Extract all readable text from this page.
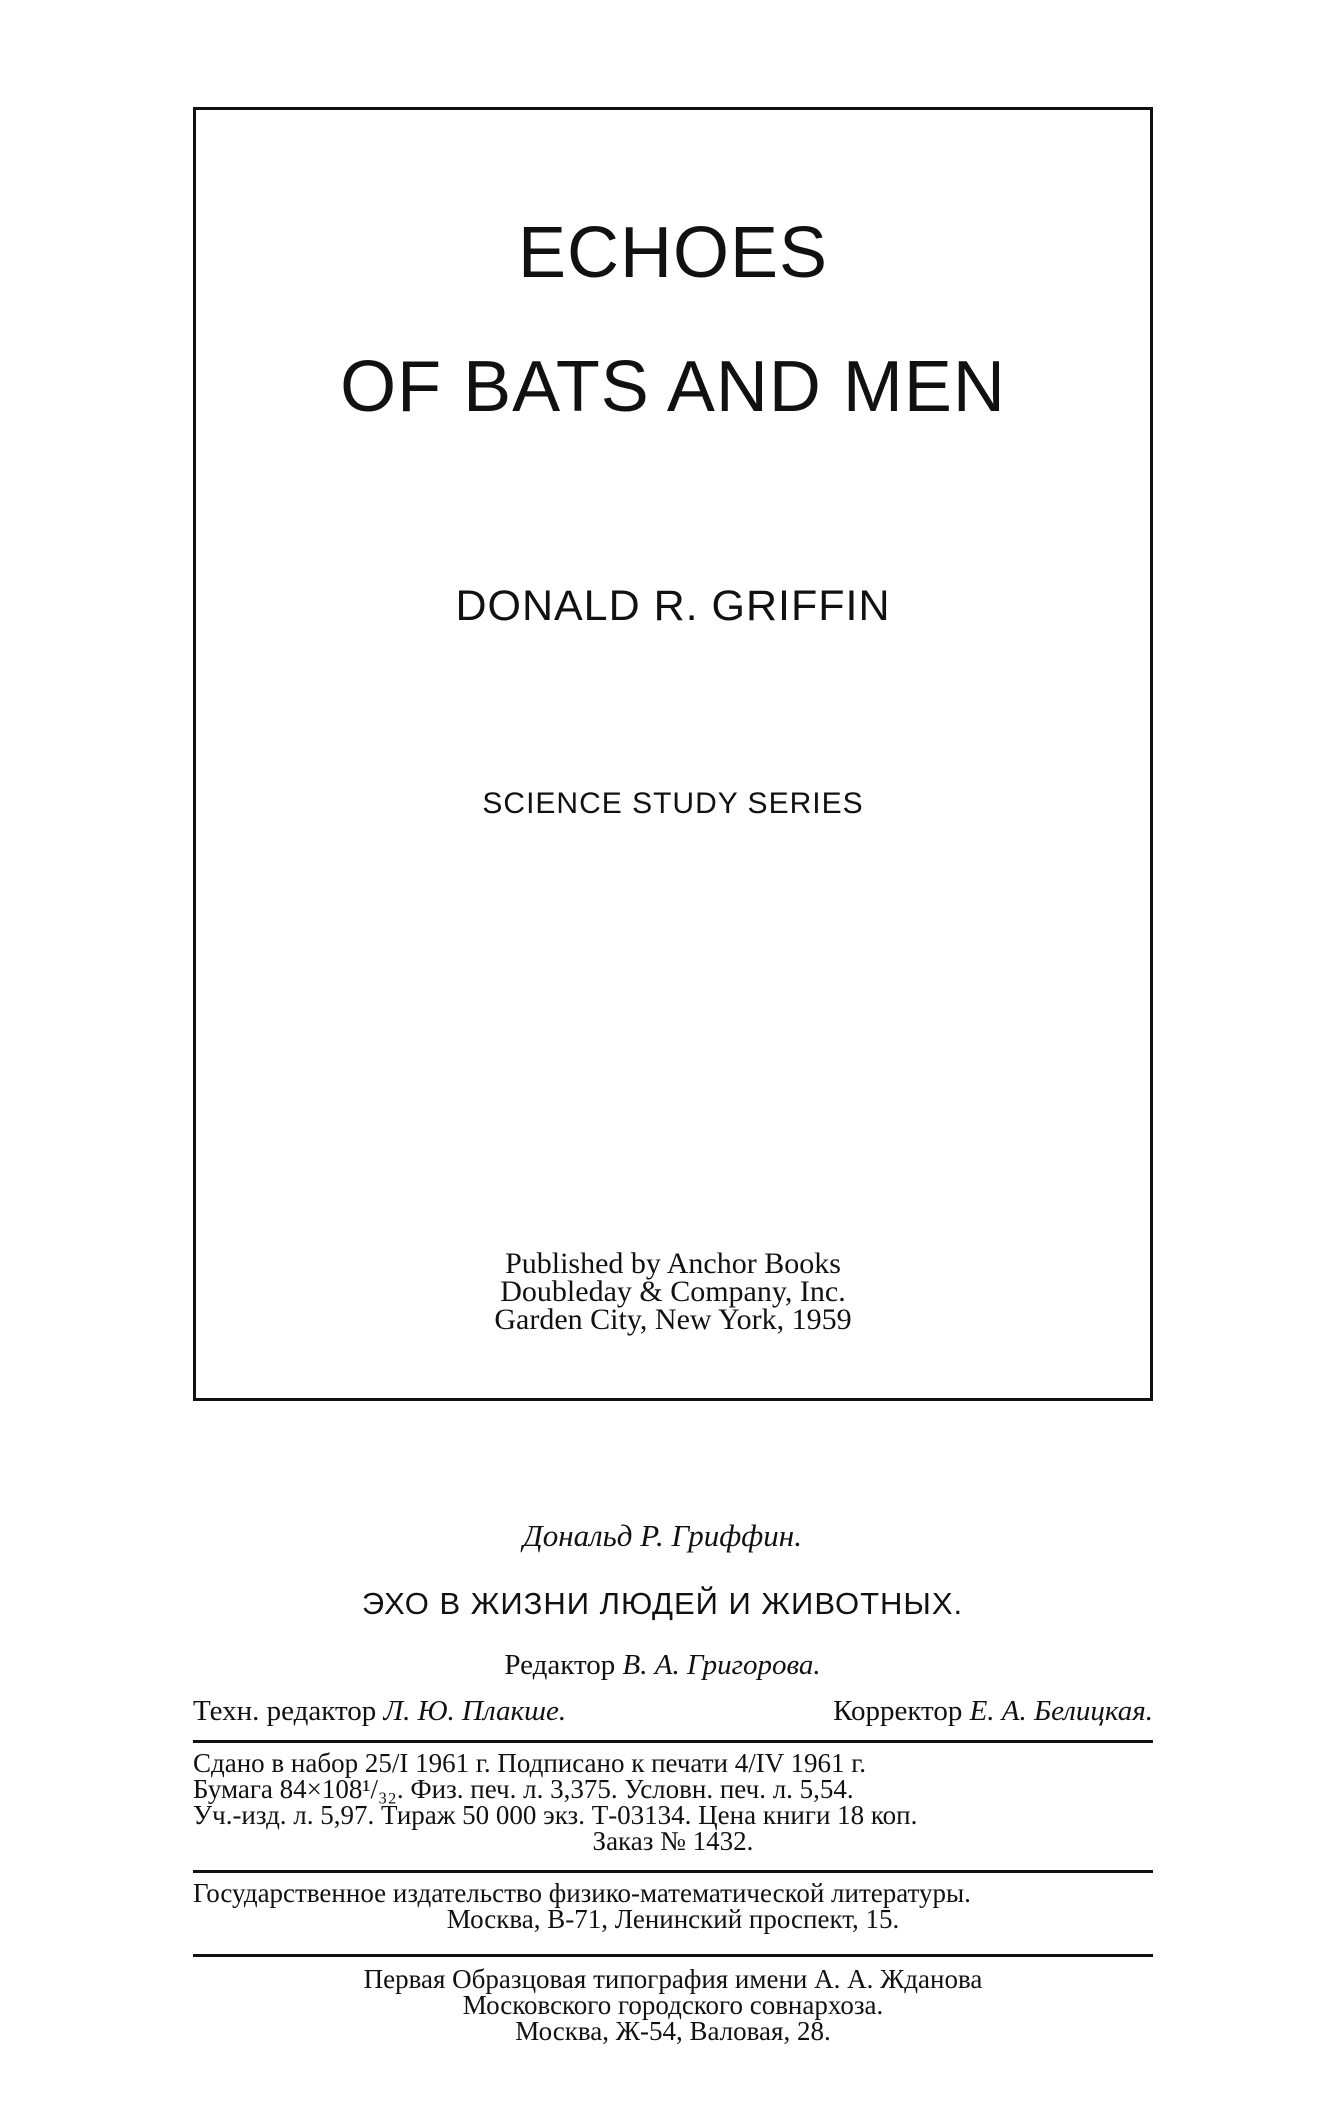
ECHOES
OF BATS AND MEN
DONALD R. GRIFFIN
SCIENCE STUDY SERIES
Published by Anchor Books
Doubleday & Company, Inc.
Garden City, New York, 1959
Дональд Р. Гриффин.
ЭХО В ЖИЗНИ ЛЮДЕЙ И ЖИВОТНЫХ.
Редактор В. А. Григорова.
Техн. редактор Л. Ю. Плакше.	Корректор Е. А. Белицкая.
Сдано в набор 25/I 1961 г. Подписано к печати 4/IV 1961 г.
Бумага 84×108¹/₃₂. Физ. печ. л. 3,375. Условн. печ. л. 5,54.
Уч.-изд. л. 5,97. Тираж 50 000 экз. Т-03134. Цена книги 18 коп.
Заказ № 1432.
Государственное издательство физико-математической литературы.
Москва, В-71, Ленинский проспект, 15.
Первая Образцовая типография имени А. А. Жданова
Московского городского совнархоза.
Москва, Ж-54, Валовая, 28.
